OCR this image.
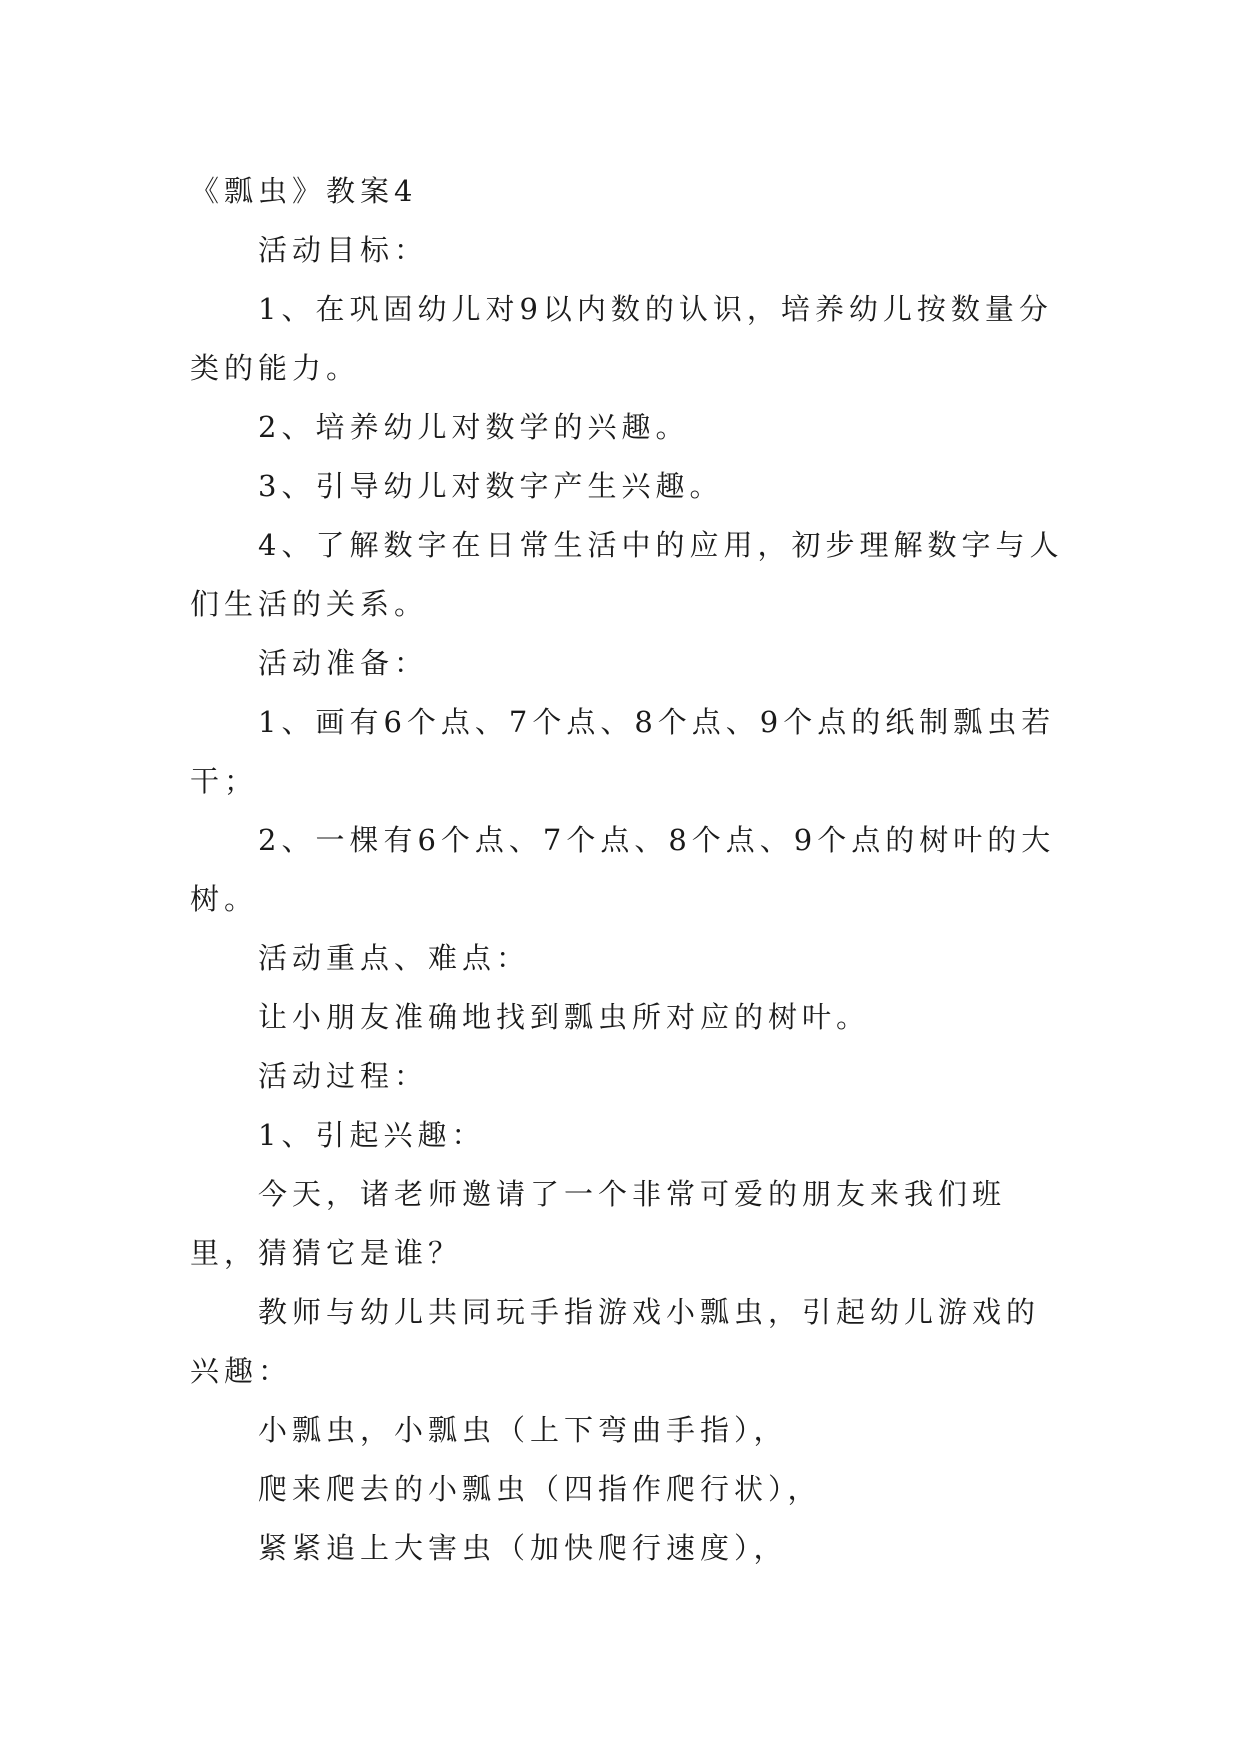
《瓢虫》教案4

活动目标：

1、在巩固幼儿对9以内数的认识，培养幼儿按数量分类的能力。

2、培养幼儿对数学的兴趣。

3、引导幼儿对数字产生兴趣。

4、了解数字在日常生活中的应用，初步理解数字与人们生活的关系。

活动准备：

1、画有6个点、7个点、8个点、9个点的纸制瓢虫若干；

2、一棵有6个点、7个点、8个点、9个点的树叶的大树。

活动重点、难点：

让小朋友准确地找到瓢虫所对应的树叶。

活动过程：

1、引起兴趣：

今天，诸老师邀请了一个非常可爱的朋友来我们班里，猜猜它是谁？

教师与幼儿共同玩手指游戏小瓢虫，引起幼儿游戏的兴趣：

小瓢虫，小瓢虫（上下弯曲手指），

爬来爬去的小瓢虫（四指作爬行状），

紧紧追上大害虫（加快爬行速度），
